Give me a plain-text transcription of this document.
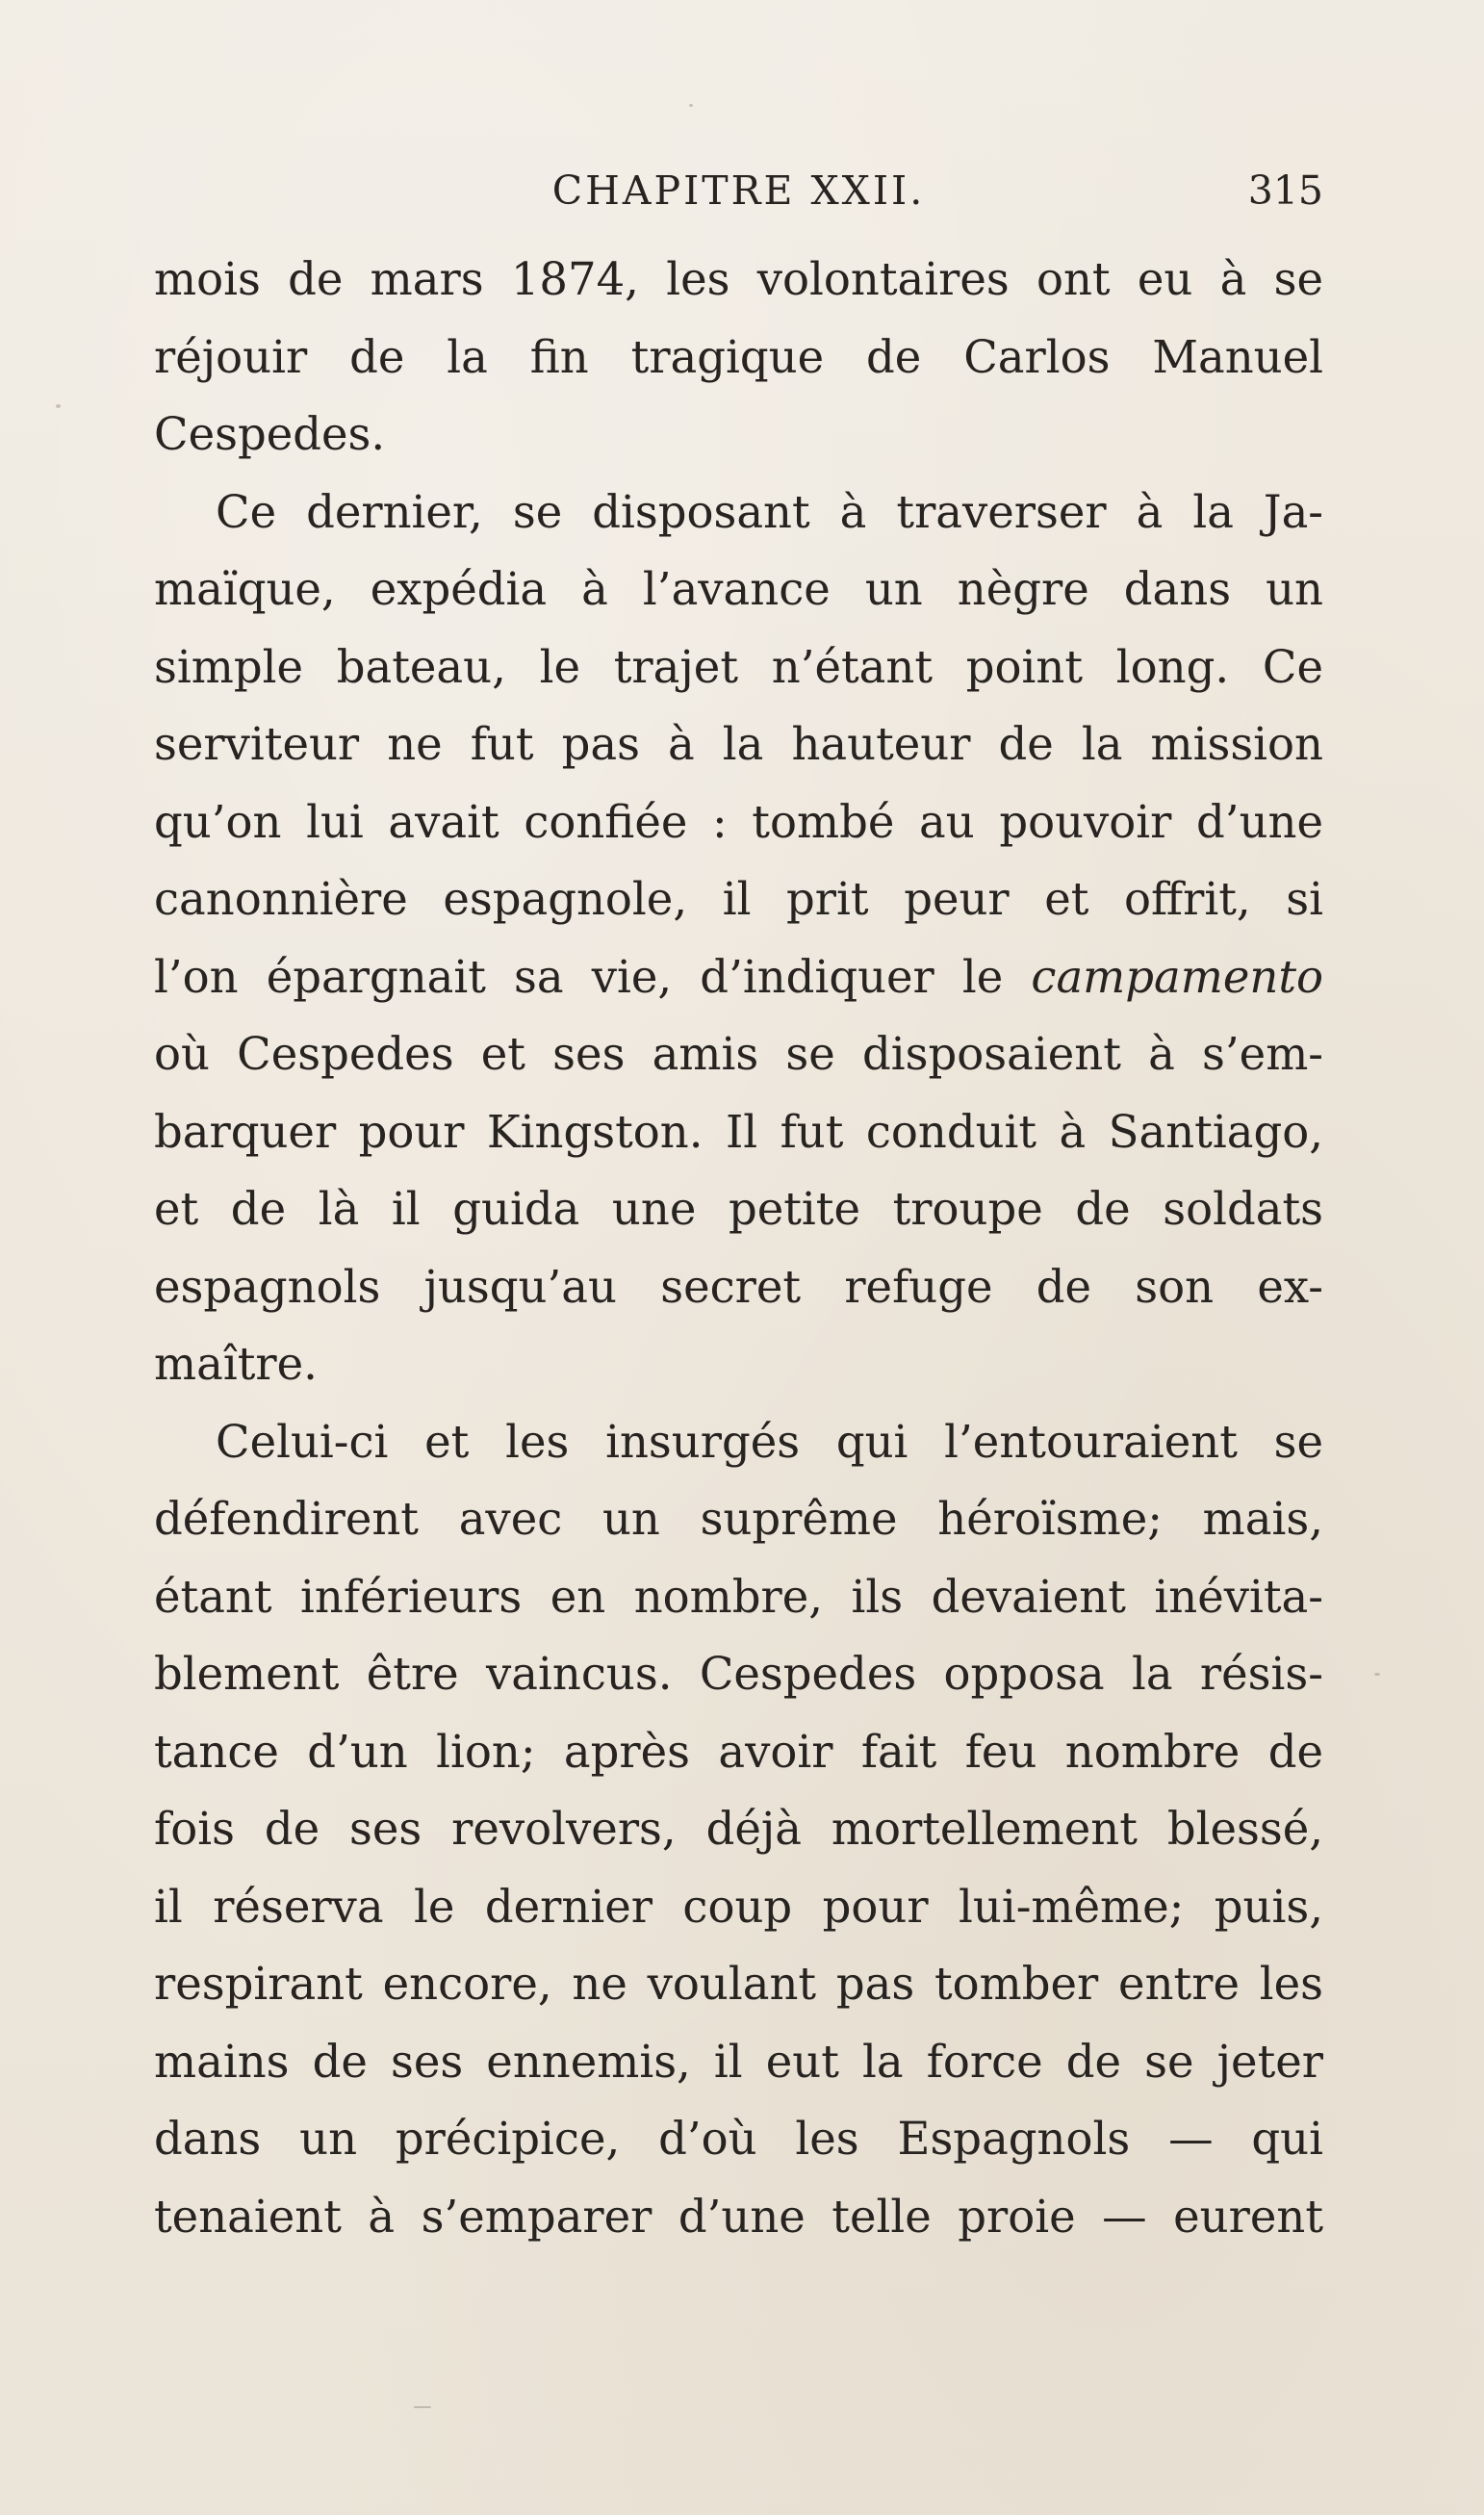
CHAPITRE XXII.	315
mois de mars 1874, les volontaires ont eu à se
réjouir de la fin tragique de Carlos Manuel
Cespedes.
Ce dernier, se disposant à traverser à la Ja-
maïque, expédia à l’avance un nègre dans un
simple bateau, le trajet n’étant point long. Ce
serviteur ne fut pas à la hauteur de la mission
qu’on lui avait confiée : tombé au pouvoir d’une
canonnière espagnole, il prit peur et offrit, si
l’on épargnait sa vie, d’indiquer le campamento
où Cespedes et ses amis se disposaient à s’em-
barquer pour Kingston. Il fut conduit à Santiago,
et de là il guida une petite troupe de soldats
espagnols jusqu’au secret refuge de son ex-
maître.
Celui-ci et les insurgés qui l’entouraient se
défendirent avec un suprême héroïsme; mais,
étant inférieurs en nombre, ils devaient inévita-
blement être vaincus. Cespedes opposa la résis-
tance d’un lion; après avoir fait feu nombre de
fois de ses revolvers, déjà mortellement blessé,
il réserva le dernier coup pour lui-même; puis,
respirant encore, ne voulant pas tomber entre les
mains de ses ennemis, il eut la force de se jeter
dans un précipice, d’où les Espagnols — qui
tenaient à s’emparer d’une telle proie — eurent
